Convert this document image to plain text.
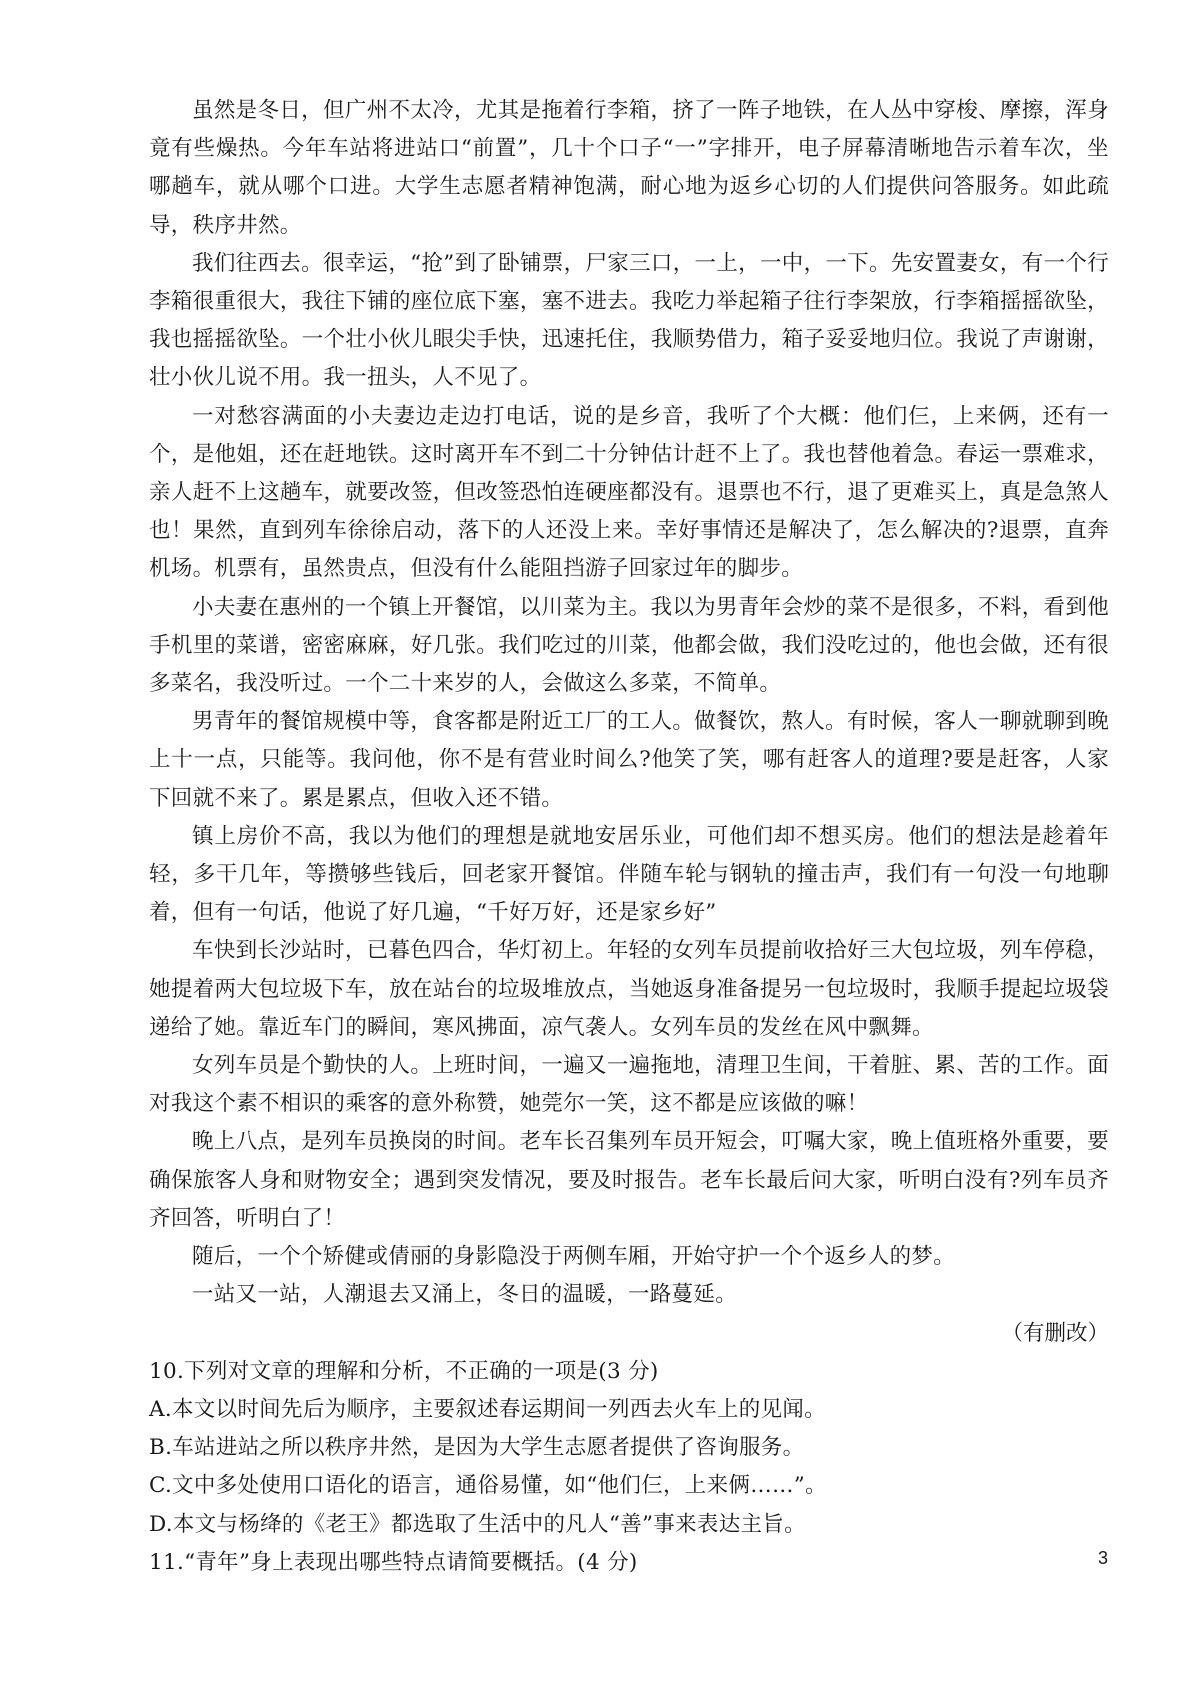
虽然是冬日，但广州不太冷，尤其是拖着行李箱，挤了一阵子地铁，在人丛中穿梭、摩擦，浑身竟有些燥热。今年车站将进站口“前置”，几十个口子“一”字排开，电子屏幕清晰地告示着车次，坐哪趟车，就从哪个口进。大学生志愿者精神饱满，耐心地为返乡心切的人们提供问答服务。如此疏导，秩序井然。

我们往西去。很幸运，“抢”到了卧铺票，尸家三口，一上，一中，一下。先安置妻女，有一个行李箱很重很大，我往下铺的座位底下塞，塞不进去。我吃力举起箱子往行李架放，行李箱摇摇欲坠，我也摇摇欲坠。一个壮小伙儿眼尖手快，迅速托住，我顺势借力，箱子妥妥地归位。我说了声谢谢，壮小伙儿说不用。我一扭头，人不见了。

一对愁容满面的小夫妻边走边打电话，说的是乡音，我听了个大概：他们仨，上来俩，还有一个，是他姐，还在赶地铁。这时离开车不到二十分钟估计赶不上了。我也替他着急。春运一票难求，亲人赶不上这趟车，就要改签，但改签恐怕连硬座都没有。退票也不行，退了更难买上，真是急煞人也！果然，直到列车徐徐启动，落下的人还没上来。幸好事情还是解决了，怎么解决的?退票，直奔机场。机票有，虽然贵点，但没有什么能阻挡游子回家过年的脚步。

小夫妻在惠州的一个镇上开餐馆，以川菜为主。我以为男青年会炒的菜不是很多，不料，看到他手机里的菜谱，密密麻麻，好几张。我们吃过的川菜，他都会做，我们没吃过的，他也会做，还有很多菜名，我没听过。一个二十来岁的人，会做这么多菜，不简单。

男青年的餐馆规模中等，食客都是附近工厂的工人。做餐饮，熬人。有时候，客人一聊就聊到晚上十一点，只能等。我问他，你不是有营业时间么?他笑了笑，哪有赶客人的道理?要是赶客，人家下回就不来了。累是累点，但收入还不错。

镇上房价不高，我以为他们的理想是就地安居乐业，可他们却不想买房。他们的想法是趁着年轻，多干几年，等攒够些钱后，回老家开餐馆。伴随车轮与钢轨的撞击声，我们有一句没一句地聊着，但有一句话，他说了好几遍，“千好万好，还是家乡好”

车快到长沙站时，已暮色四合，华灯初上。年轻的女列车员提前收拾好三大包垃圾，列车停稳，她提着两大包垃圾下车，放在站台的垃圾堆放点，当她返身准备提另一包垃圾时，我顺手提起垃圾袋递给了她。靠近车门的瞬间，寒风拂面，凉气袭人。女列车员的发丝在风中飘舞。

女列车员是个勤快的人。上班时间，一遍又一遍拖地，清理卫生间，干着脏、累、苦的工作。面对我这个素不相识的乘客的意外称赞，她莞尔一笑，这不都是应该做的嘛！

晚上八点，是列车员换岗的时间。老车长召集列车员开短会，叮嘱大家，晚上值班格外重要，要确保旅客人身和财物安全；遇到突发情况，要及时报告。老车长最后问大家，听明白没有?列车员齐齐回答，听明白了！

随后，一个个矫健或倩丽的身影隐没于两侧车厢，开始守护一个个返乡人的梦。

一站又一站，人潮退去又涌上，冬日的温暖，一路蔓延。

（有删改）

10.下列对文章的理解和分析，不正确的一项是(3 分)

A.本文以时间先后为顺序，主要叙述春运期间一列西去火车上的见闻。

B.车站进站之所以秩序井然，是因为大学生志愿者提供了咨询服务。

C.文中多处使用口语化的语言，通俗易懂，如“他们仨，上来俩……”。

D.本文与杨绛的《老王》都选取了生活中的凡人“善”事来表达主旨。

11.“青年”身上表现出哪些特点请简要概括。(4 分)	3
